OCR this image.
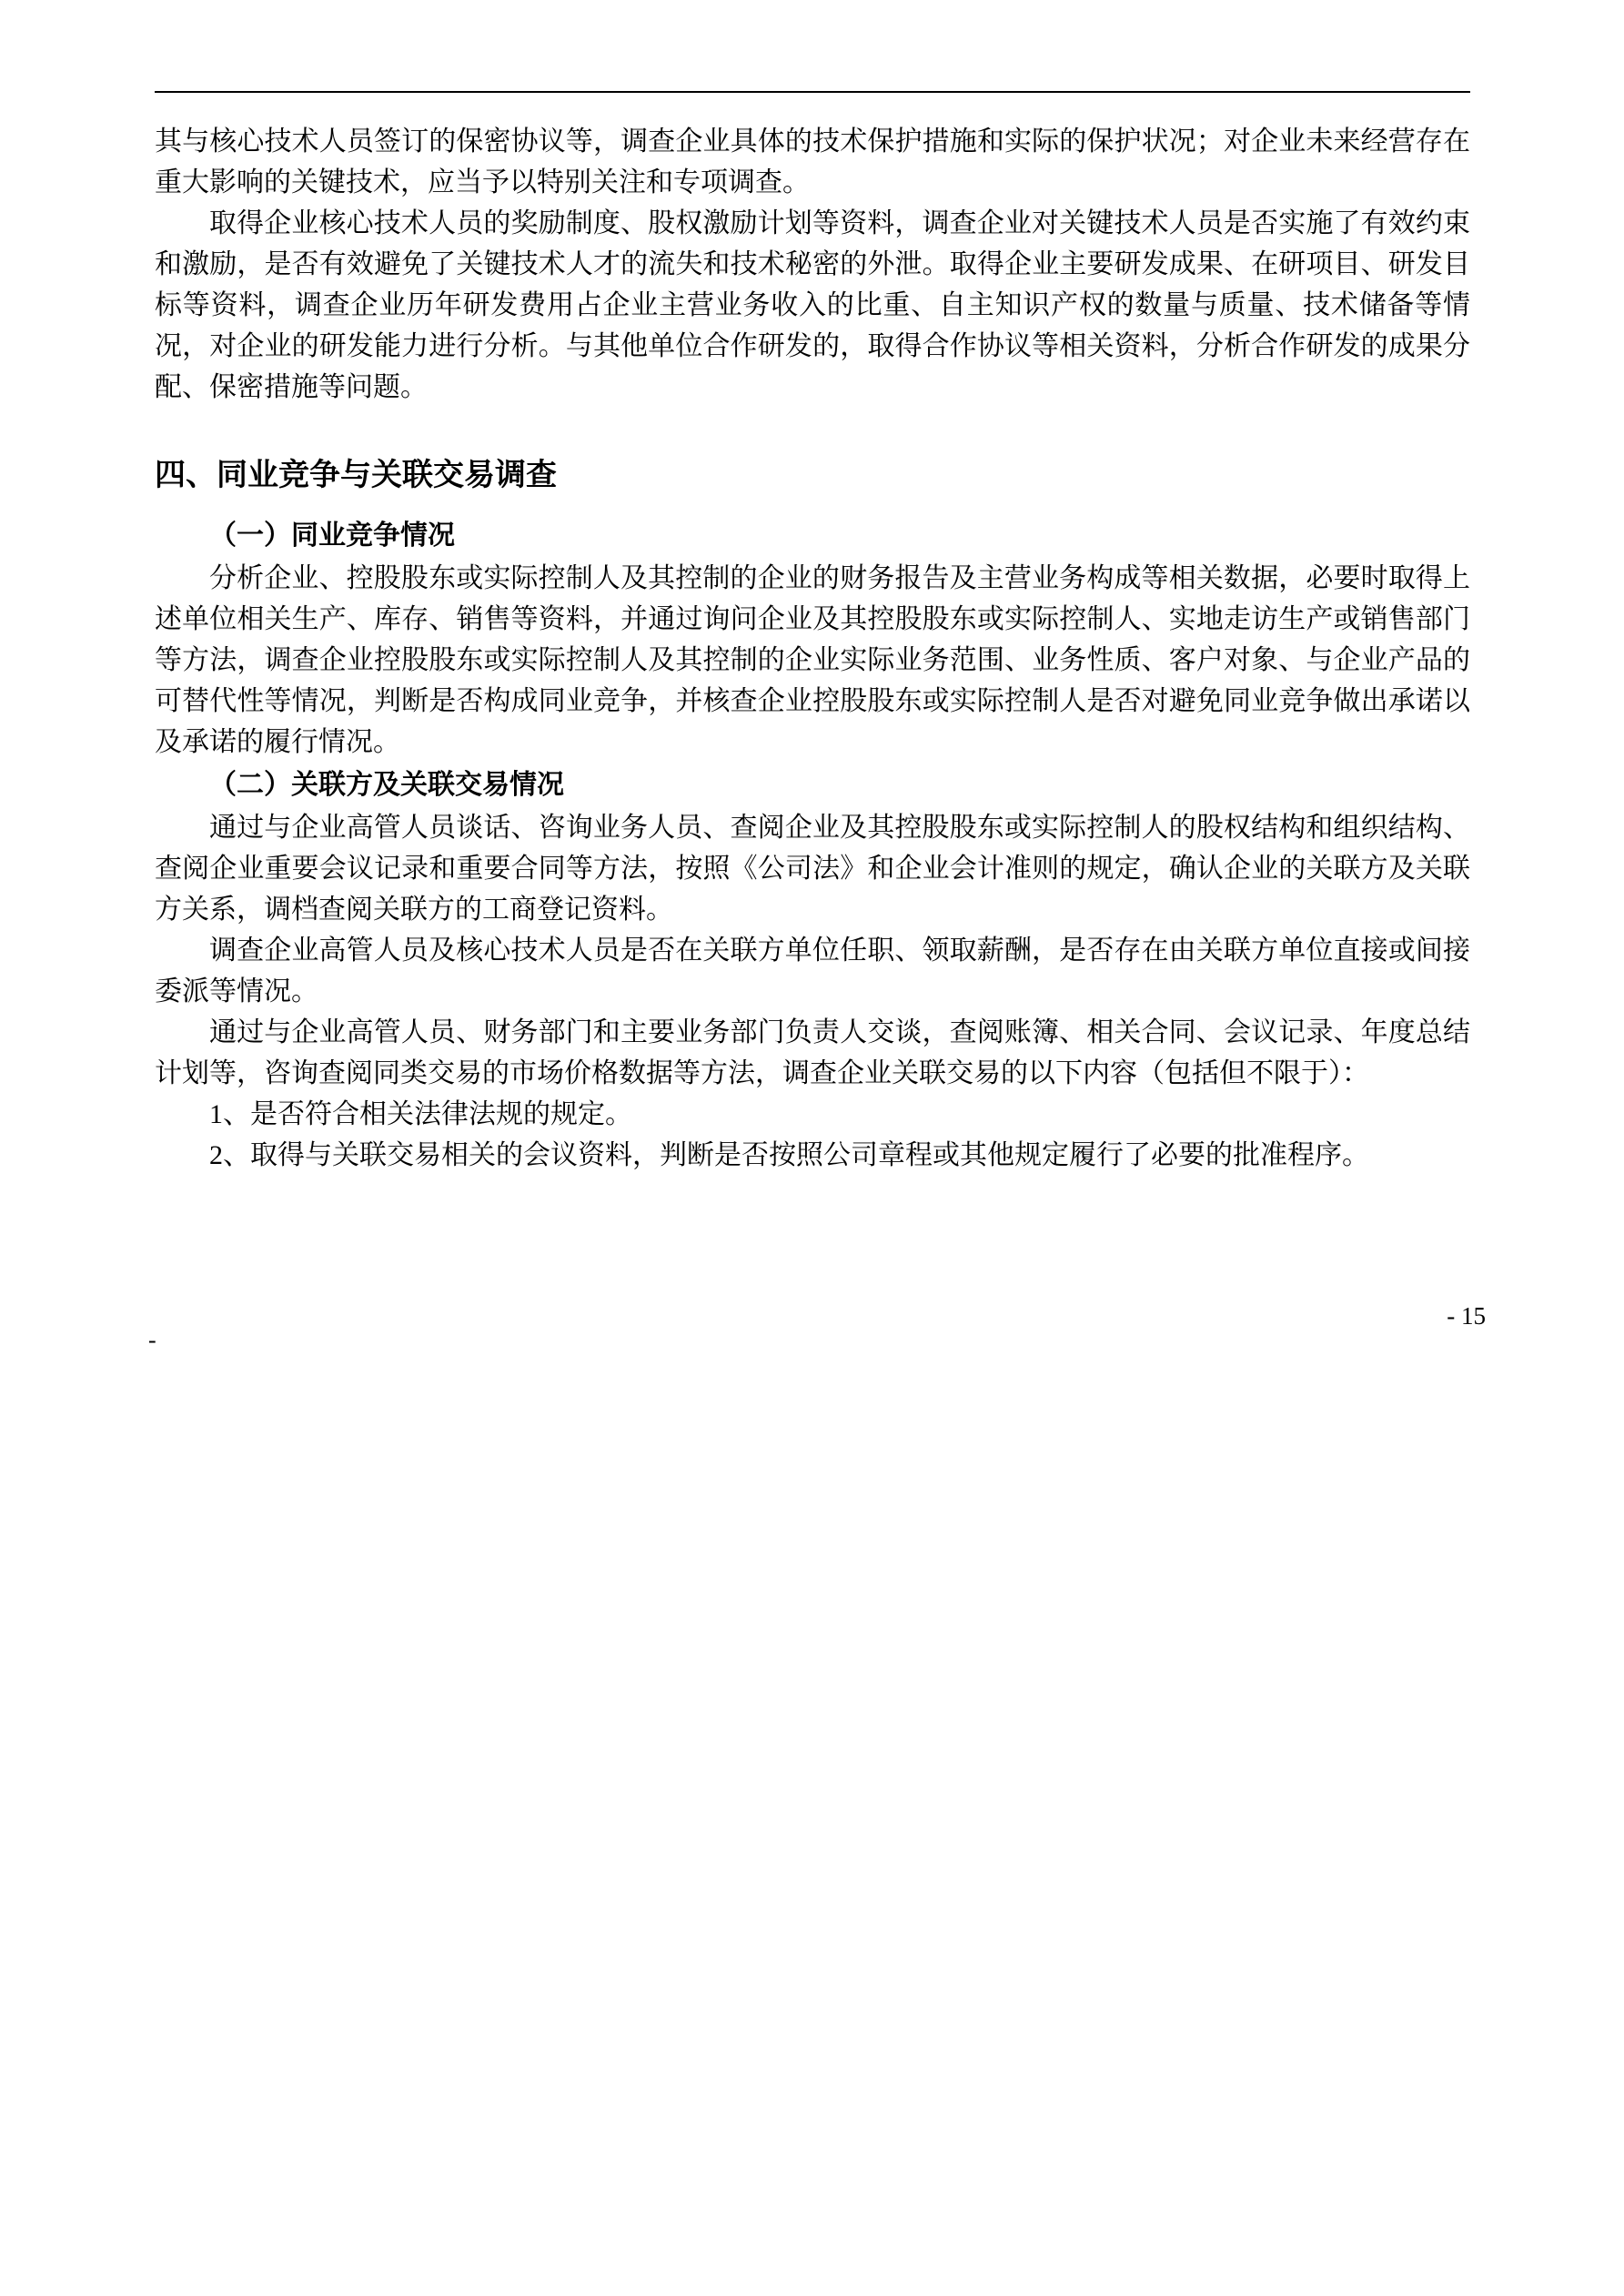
其与核心技术人员签订的保密协议等，调查企业具体的技术保护措施和实际的保护状况；对企业未来经营存在重大影响的关键技术，应当予以特别关注和专项调查。

取得企业核心技术人员的奖励制度、股权激励计划等资料，调查企业对关键技术人员是否实施了有效约束和激励，是否有效避免了关键技术人才的流失和技术秘密的外泄。取得企业主要研发成果、在研项目、研发目标等资料，调查企业历年研发费用占企业主营业务收入的比重、自主知识产权的数量与质量、技术储备等情况，对企业的研发能力进行分析。与其他单位合作研发的，取得合作协议等相关资料，分析合作研发的成果分配、保密措施等问题。

四、同业竞争与关联交易调查
（一）同业竞争情况

分析企业、控股股东或实际控制人及其控制的企业的财务报告及主营业务构成等相关数据，必要时取得上述单位相关生产、库存、销售等资料，并通过询问企业及其控股股东或实际控制人、实地走访生产或销售部门等方法，调查企业控股股东或实际控制人及其控制的企业实际业务范围、业务性质、客户对象、与企业产品的可替代性等情况，判断是否构成同业竞争，并核查企业控股股东或实际控制人是否对避免同业竞争做出承诺以及承诺的履行情况。

（二）关联方及关联交易情况

通过与企业高管人员谈话、咨询业务人员、查阅企业及其控股股东或实际控制人的股权结构和组织结构、查阅企业重要会议记录和重要合同等方法，按照《公司法》和企业会计准则的规定，确认企业的关联方及关联方关系，调档查阅关联方的工商登记资料。

调查企业高管人员及核心技术人员是否在关联方单位任职、领取薪酬，是否存在由关联方单位直接或间接委派等情况。

通过与企业高管人员、财务部门和主要业务部门负责人交谈，查阅账簿、相关合同、会议记录、年度总结计划等，咨询查阅同类交易的市场价格数据等方法，调查企业关联交易的以下内容（包括但不限于）：

1、是否符合相关法律法规的规定。

2、取得与关联交易相关的会议资料，判断是否按照公司章程或其他规定履行了必要的批准程序。

- 15
-
